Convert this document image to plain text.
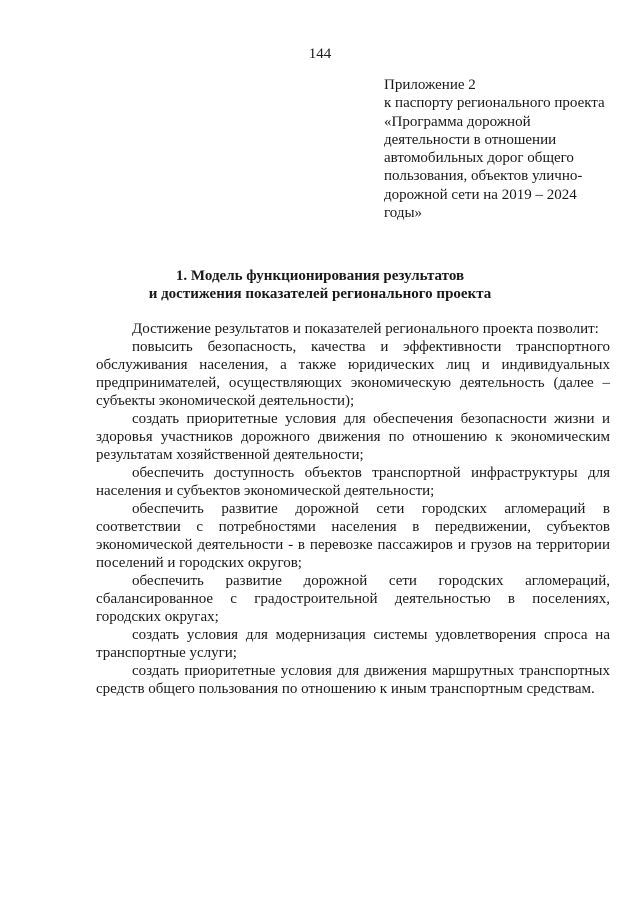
144
Приложение 2
к паспорту регионального проекта
«Программа дорожной
деятельности в отношении
автомобильных дорог общего
пользования, объектов улично-
дорожной сети на 2019 – 2024
годы»
1. Модель функционирования результатов
и достижения показателей регионального проекта

Достижение результатов и показателей регионального проекта позволит:

повысить безопасность, качества и эффективности транспортного обслуживания населения, а также юридических лиц и индивидуальных предпринимателей, осуществляющих экономическую деятельность (далее – субъекты экономической деятельности);

создать приоритетные условия для обеспечения безопасности жизни и здоровья участников дорожного движения по отношению к экономическим результатам хозяйственной деятельности;

обеспечить доступность объектов транспортной инфраструктуры для населения и субъектов экономической деятельности;

обеспечить развитие дорожной сети городских агломераций в соответствии с потребностями населения в передвижении, субъектов экономической деятельности - в перевозке пассажиров и грузов на территории поселений и городских округов;

обеспечить развитие дорожной сети городских агломераций, сбалансированное с градостроительной деятельностью в поселениях, городских округах;

создать условия для модернизация системы удовлетворения спроса на транспортные услуги;

создать приоритетные условия для движения маршрутных транспортных средств общего пользования по отношению к иным транспортным средствам.
